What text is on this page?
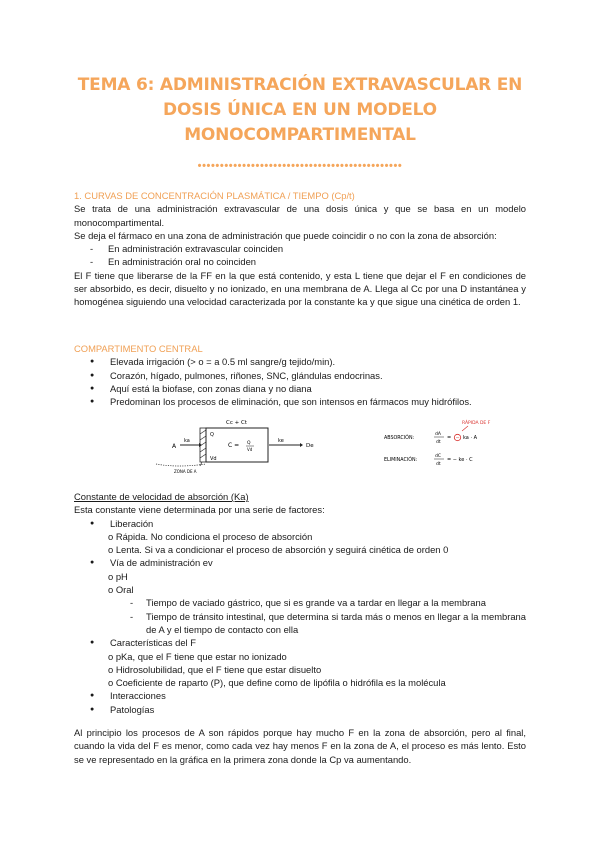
TEMA 6: ADMINISTRACIÓN EXTRAVASCULAR EN
DOSIS ÚNICA EN UN MODELO
MONOCOMPARTIMENTAL
••••••••••••••••••••••••••••••••••••••••••••••
1. CURVAS DE CONCENTRACIÓN PLASMÁTICA / TIEMPO (Cp/t)
Se trata de una administración extravascular de una dosis única y que se basa en un modelo monocompartimental.
Se deja el fármaco en una zona de administración que puede coincidir o no con la zona de absorción:
- En administración extravascular coinciden
- En administración oral no coinciden
El F tiene que liberarse de la FF en la que está contenido, y esta L tiene que dejar el F en condiciones de ser absorbido, es decir, disuelto y no ionizado, en una membrana de A. Llega al Cc por una D instantánea y homogénea siguiendo una velocidad caracterizada por la constante ka y que sigue una cinética de orden 1.
COMPARTIMENTO CENTRAL
● Elevada irrigación (> o = a 0.5 ml sangre/g tejido/min).
● Corazón, hígado, pulmones, riñones, SNC, glándulas endocrinas.
● Aquí está la biofase, con zonas diana y no diana
● Predominan los procesos de eliminación, que son intensos en fármacos muy hidrófilos.
Cc + Ct
A
ka
Q
C = Q
Vd
Vd
ke
De
ZONA DE A
RÁPIDA DE F
ABSORCIÓN:
dA
dt
= − ka · A
ELIMINACIÓN:
dC
dt
= − ke · C
Constante de velocidad de absorción (Ka)
Esta constante viene determinada por una serie de factores:
● Liberación
o Rápida. No condiciona el proceso de absorción
o Lenta. Si va a condicionar el proceso de absorción y seguirá cinética de orden 0
● Vía de administración ev
o pH
o Oral
- Tiempo de vaciado gástrico, que si es grande va a tardar en llegar a la membrana
- Tiempo de tránsito intestinal, que determina si tarda más o menos en llegar a la membrana de A y el tiempo de contacto con ella
● Características del F
o pKa, que el F tiene que estar no ionizado
o Hidrosolubilidad, que el F tiene que estar disuelto
o Coeficiente de raparto (P), que define como de lipófila o hidrófila es la molécula
● Interacciones
● Patologías
Al principio los procesos de A son rápidos porque hay mucho F en la zona de absorción, pero al final, cuando la vida del F es menor, como cada vez hay menos F en la zona de A, el proceso es más lento. Esto se ve representado en la gráfica en la primera zona donde la Cp va aumentando.
